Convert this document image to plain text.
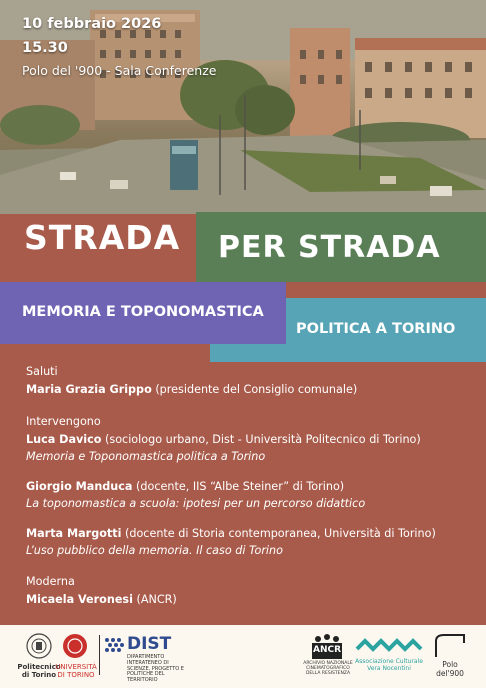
10 febbraio 2026
15.30
Polo del '900 - Sala Conferenze
STRADA PER STRADA
POLITICA A TORINO
MEMORIA E TOPONOMASTICA
Saluti
Maria Grazia Grippo (presidente del Consiglio comunale)
Intervengono
Luca Davico (sociologo urbano, Dist - Università Politecnico di Torino)
Memoria e Toponomastica politica a Torino
Giorgio Manduca (docente, IIS “Albe Steiner” di Torino)
La toponomastica a scuola: ipotesi per un percorso didattico
Marta Margotti (docente di Storia contemporanea, Università di Torino)
L’uso pubblico della memoria. Il caso di Torino
Moderna
Micaela Veronesi (ANCR)
Politecnico di Torino
UNIVERSITÀ DI TORINO
DIST
DIPARTIMENTO INTERATENEO DI SCIENZE, PROGETTO E POLITICHE DEL TERRITORIO
ANCR
ARCHIVIO NAZIONALE CINEMATOGRAFICO DELLA RESISTENZA
Associazione Culturale Vera Nocentini	Polo del'900
